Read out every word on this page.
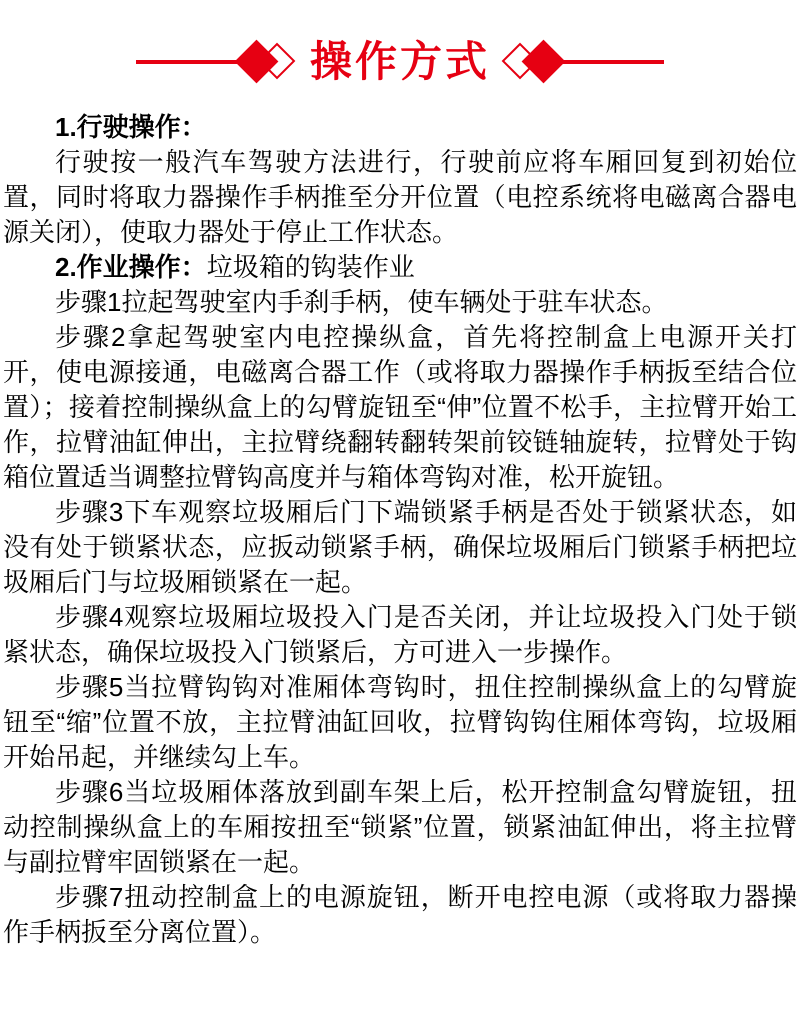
操作方式

1.行驶操作：

行驶按一般汽车驾驶方法进行，行驶前应将车厢回复到初始位置，同时将取力器操作手柄推至分开位置（电控系统将电磁离合器电源关闭），使取力器处于停止工作状态。

2.作业操作：垃圾箱的钩装作业

步骤1拉起驾驶室内手刹手柄，使车辆处于驻车状态。

步骤2拿起驾驶室内电控操纵盒，首先将控制盒上电源开关打开，使电源接通，电磁离合器工作（或将取力器操作手柄扳至结合位置）；接着控制操纵盒上的勾臂旋钮至“伸”位置不松手，主拉臂开始工作，拉臂油缸伸出，主拉臂绕翻转翻转架前铰链轴旋转，拉臂处于钩箱位置适当调整拉臂钩高度并与箱体弯钩对准，松开旋钮。

步骤3下车观察垃圾厢后门下端锁紧手柄是否处于锁紧状态，如没有处于锁紧状态，应扳动锁紧手柄，确保垃圾厢后门锁紧手柄把垃圾厢后门与垃圾厢锁紧在一起。

步骤4观察垃圾厢垃圾投入门是否关闭，并让垃圾投入门处于锁紧状态，确保垃圾投入门锁紧后，方可进入一步操作。

步骤5当拉臂钩钩对准厢体弯钩时，扭住控制操纵盒上的勾臂旋钮至“缩”位置不放，主拉臂油缸回收，拉臂钩钩住厢体弯钩，垃圾厢开始吊起，并继续勾上车。

步骤6当垃圾厢体落放到副车架上后，松开控制盒勾臂旋钮，扭动控制操纵盒上的车厢按扭至“锁紧”位置，锁紧油缸伸出，将主拉臂与副拉臂牢固锁紧在一起。

步骤7扭动控制盒上的电源旋钮，断开电控电源（或将取力器操作手柄扳至分离位置）。
